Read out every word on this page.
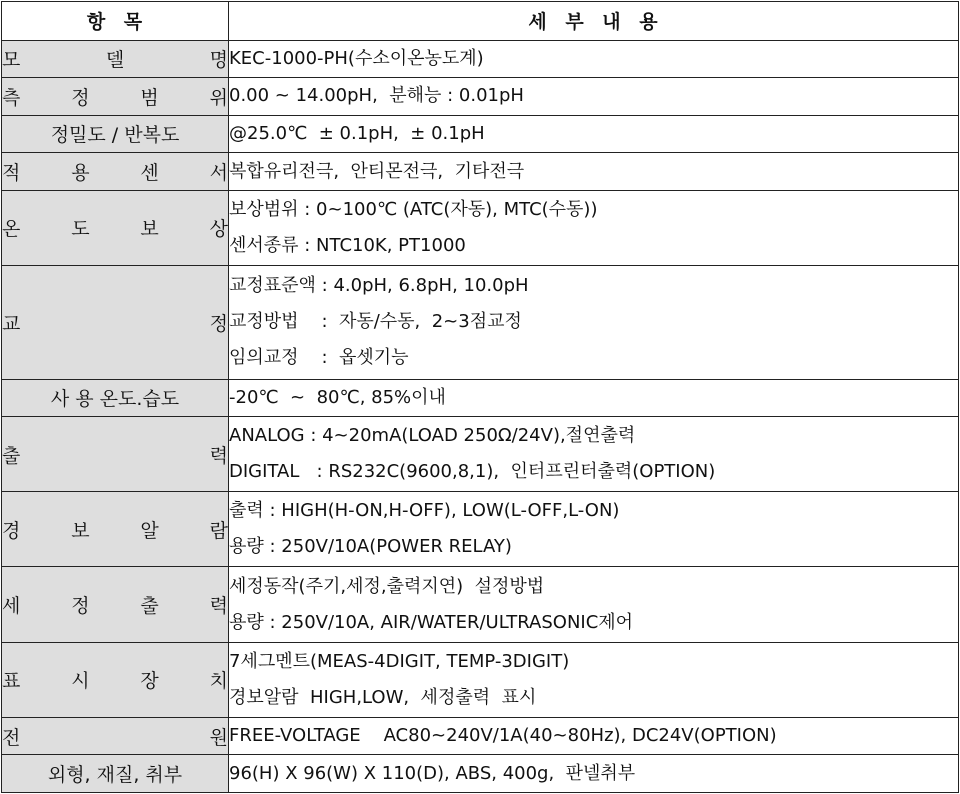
항 목	세 부 내 용

모 델 명	KEC-1000-PH(수소이온농도계)

측 정 범 위	0.00 ~ 14.00pH,  분해능 : 0.01pH

정밀도 / 반복도	@25.0℃  ± 0.1pH,  ± 0.1pH

적 용 센 서	복합유리전극,  안티몬전극,  기타전극

온 도 보 상	보상범위 : 0~100℃ (ATC(자동), MTC(수동))
센서종류 : NTC10K, PT1000

교 정	교정표준액 : 4.0pH, 6.8pH, 10.0pH
교정방법    :  자동/수동,  2~3점교정
임의교정    :  옵셋기능

사 용 온도.습도	-20℃  ~  80℃, 85%이내

출 력	ANALOG : 4~20mA(LOAD 250Ω/24V),절연출력
DIGITAL   : RS232C(9600,8,1),  인터프린터출력(OPTION)

경 보 알 람	출력 : HIGH(H-ON,H-OFF), LOW(L-OFF,L-ON)
용량 : 250V/10A(POWER RELAY)

세 정 출 력	세정동작(주기,세정,출력지연)  설정방법
용량 : 250V/10A, AIR/WATER/ULTRASONIC제어

표 시 장 치	7세그멘트(MEAS-4DIGIT, TEMP-3DIGIT)
경보알람  HIGH,LOW,  세정출력  표시

전 원	FREE-VOLTAGE    AC80~240V/1A(40~80Hz), DC24V(OPTION)

외형, 재질, 취부	96(H) X 96(W) X 110(D), ABS, 400g,  판넬취부
